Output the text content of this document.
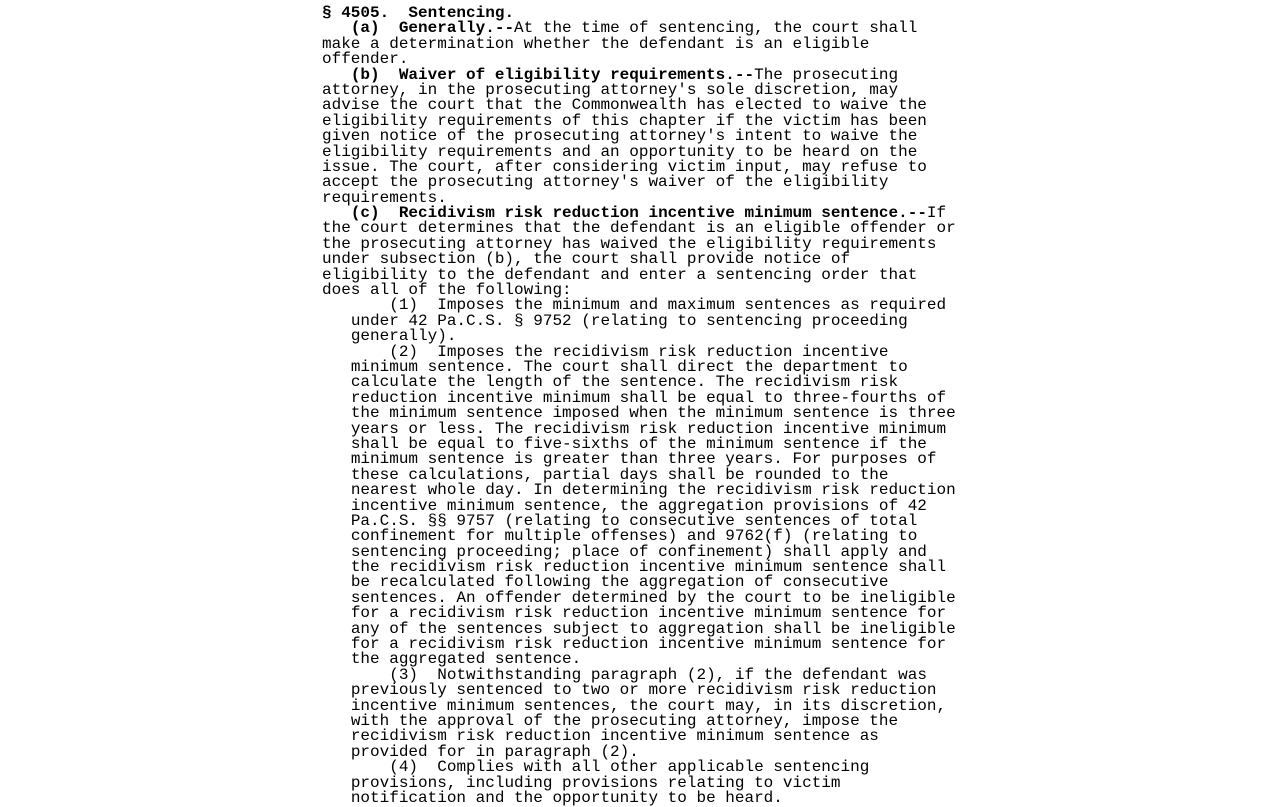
§ 4505. Sentencing.
(a) Generally.--At the time of sentencing, the court shall
make a determination whether the defendant is an eligible
offender.
(b) Waiver of eligibility requirements.--The prosecuting
attorney, in the prosecuting attorney's sole discretion, may
advise the court that the Commonwealth has elected to waive the
eligibility requirements of this chapter if the victim has been
given notice of the prosecuting attorney's intent to waive the
eligibility requirements and an opportunity to be heard on the
issue. The court, after considering victim input, may refuse to
accept the prosecuting attorney's waiver of the eligibility
requirements.
(c) Recidivism risk reduction incentive minimum sentence.--If
the court determines that the defendant is an eligible offender or
the prosecuting attorney has waived the eligibility requirements
under subsection (b), the court shall provide notice of
eligibility to the defendant and enter a sentencing order that
does all of the following:
(1) Imposes the minimum and maximum sentences as required
under 42 Pa.C.S. § 9752 (relating to sentencing proceeding
generally).
(2) Imposes the recidivism risk reduction incentive
minimum sentence. The court shall direct the department to
calculate the length of the sentence. The recidivism risk
reduction incentive minimum shall be equal to three-fourths of
the minimum sentence imposed when the minimum sentence is three
years or less. The recidivism risk reduction incentive minimum
shall be equal to five-sixths of the minimum sentence if the
minimum sentence is greater than three years. For purposes of
these calculations, partial days shall be rounded to the
nearest whole day. In determining the recidivism risk reduction
incentive minimum sentence, the aggregation provisions of 42
Pa.C.S. §§ 9757 (relating to consecutive sentences of total
confinement for multiple offenses) and 9762(f) (relating to
sentencing proceeding; place of confinement) shall apply and
the recidivism risk reduction incentive minimum sentence shall
be recalculated following the aggregation of consecutive
sentences. An offender determined by the court to be ineligible
for a recidivism risk reduction incentive minimum sentence for
any of the sentences subject to aggregation shall be ineligible
for a recidivism risk reduction incentive minimum sentence for
the aggregated sentence.
(3) Notwithstanding paragraph (2), if the defendant was
previously sentenced to two or more recidivism risk reduction
incentive minimum sentences, the court may, in its discretion,
with the approval of the prosecuting attorney, impose the
recidivism risk reduction incentive minimum sentence as
provided for in paragraph (2).
(4) Complies with all other applicable sentencing
provisions, including provisions relating to victim
notification and the opportunity to be heard.
